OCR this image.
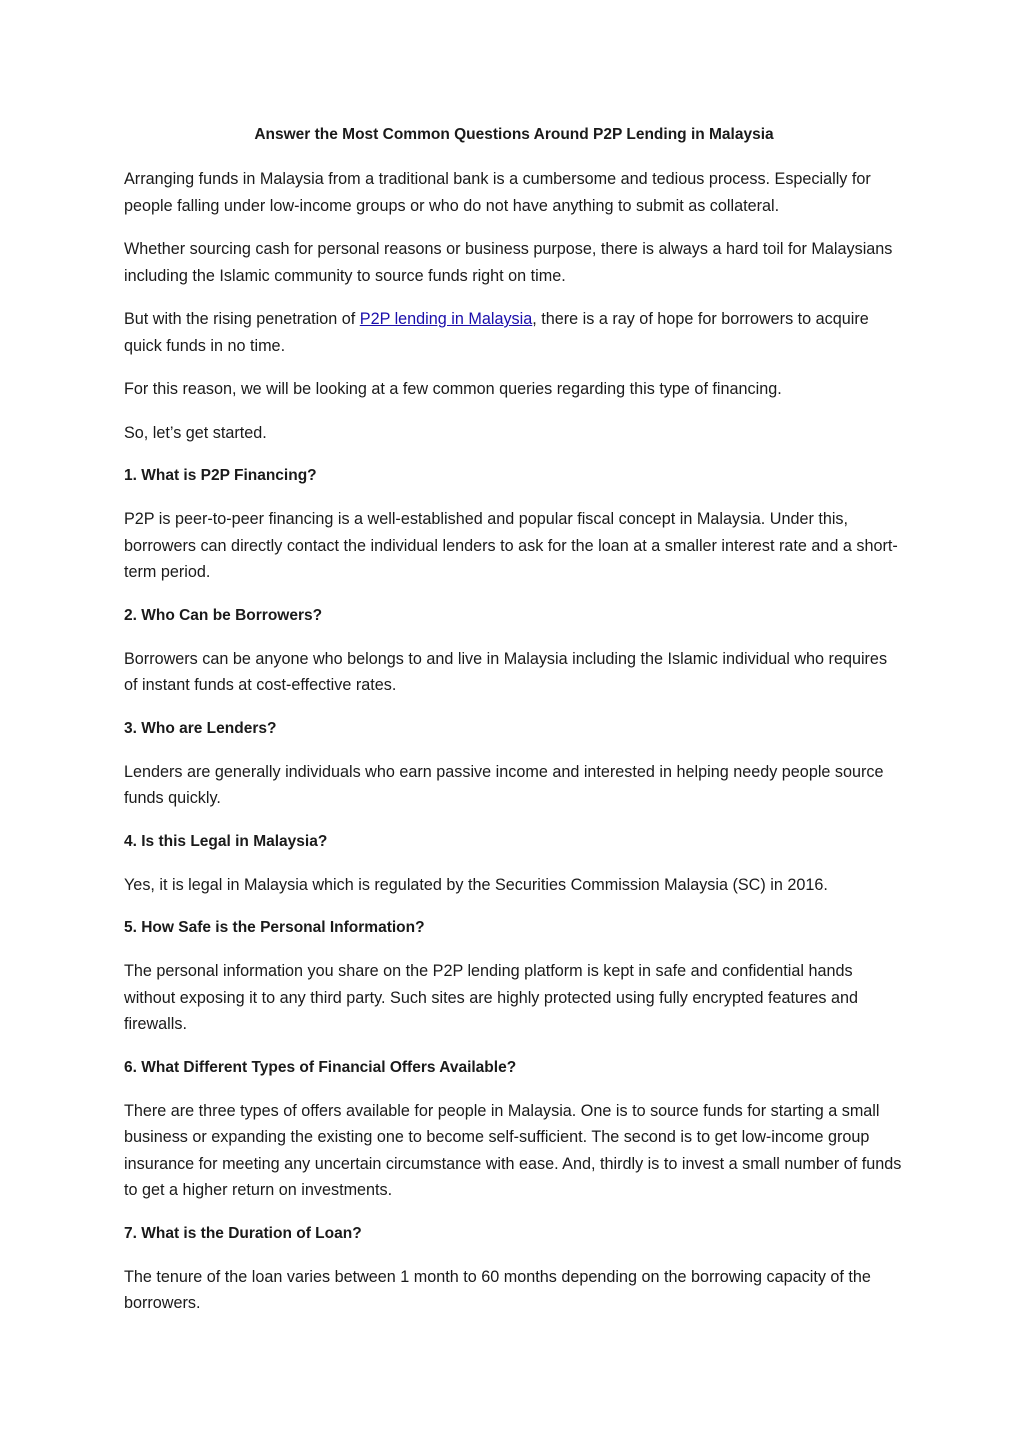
Answer the Most Common Questions Around P2P Lending in Malaysia

Arranging funds in Malaysia from a traditional bank is a cumbersome and tedious process. Especially for people falling under low-income groups or who do not have anything to submit as collateral.

Whether sourcing cash for personal reasons or business purpose, there is always a hard toil for Malaysians including the Islamic community to source funds right on time.

But with the rising penetration of P2P lending in Malaysia, there is a ray of hope for borrowers to acquire quick funds in no time.

For this reason, we will be looking at a few common queries regarding this type of financing.

So, let’s get started.

1. What is P2P Financing?

P2P is peer-to-peer financing is a well-established and popular fiscal concept in Malaysia. Under this, borrowers can directly contact the individual lenders to ask for the loan at a smaller interest rate and a short-term period.

2. Who Can be Borrowers?

Borrowers can be anyone who belongs to and live in Malaysia including the Islamic individual who requires of instant funds at cost-effective rates.

3. Who are Lenders?

Lenders are generally individuals who earn passive income and interested in helping needy people source funds quickly.

4. Is this Legal in Malaysia?

Yes, it is legal in Malaysia which is regulated by the Securities Commission Malaysia (SC) in 2016.

5. How Safe is the Personal Information?

The personal information you share on the P2P lending platform is kept in safe and confidential hands without exposing it to any third party. Such sites are highly protected using fully encrypted features and firewalls.

6. What Different Types of Financial Offers Available?

There are three types of offers available for people in Malaysia. One is to source funds for starting a small business or expanding the existing one to become self-sufficient. The second is to get low-income group insurance for meeting any uncertain circumstance with ease. And, thirdly is to invest a small number of funds to get a higher return on investments.

7. What is the Duration of Loan?

The tenure of the loan varies between 1 month to 60 months depending on the borrowing capacity of the borrowers.
